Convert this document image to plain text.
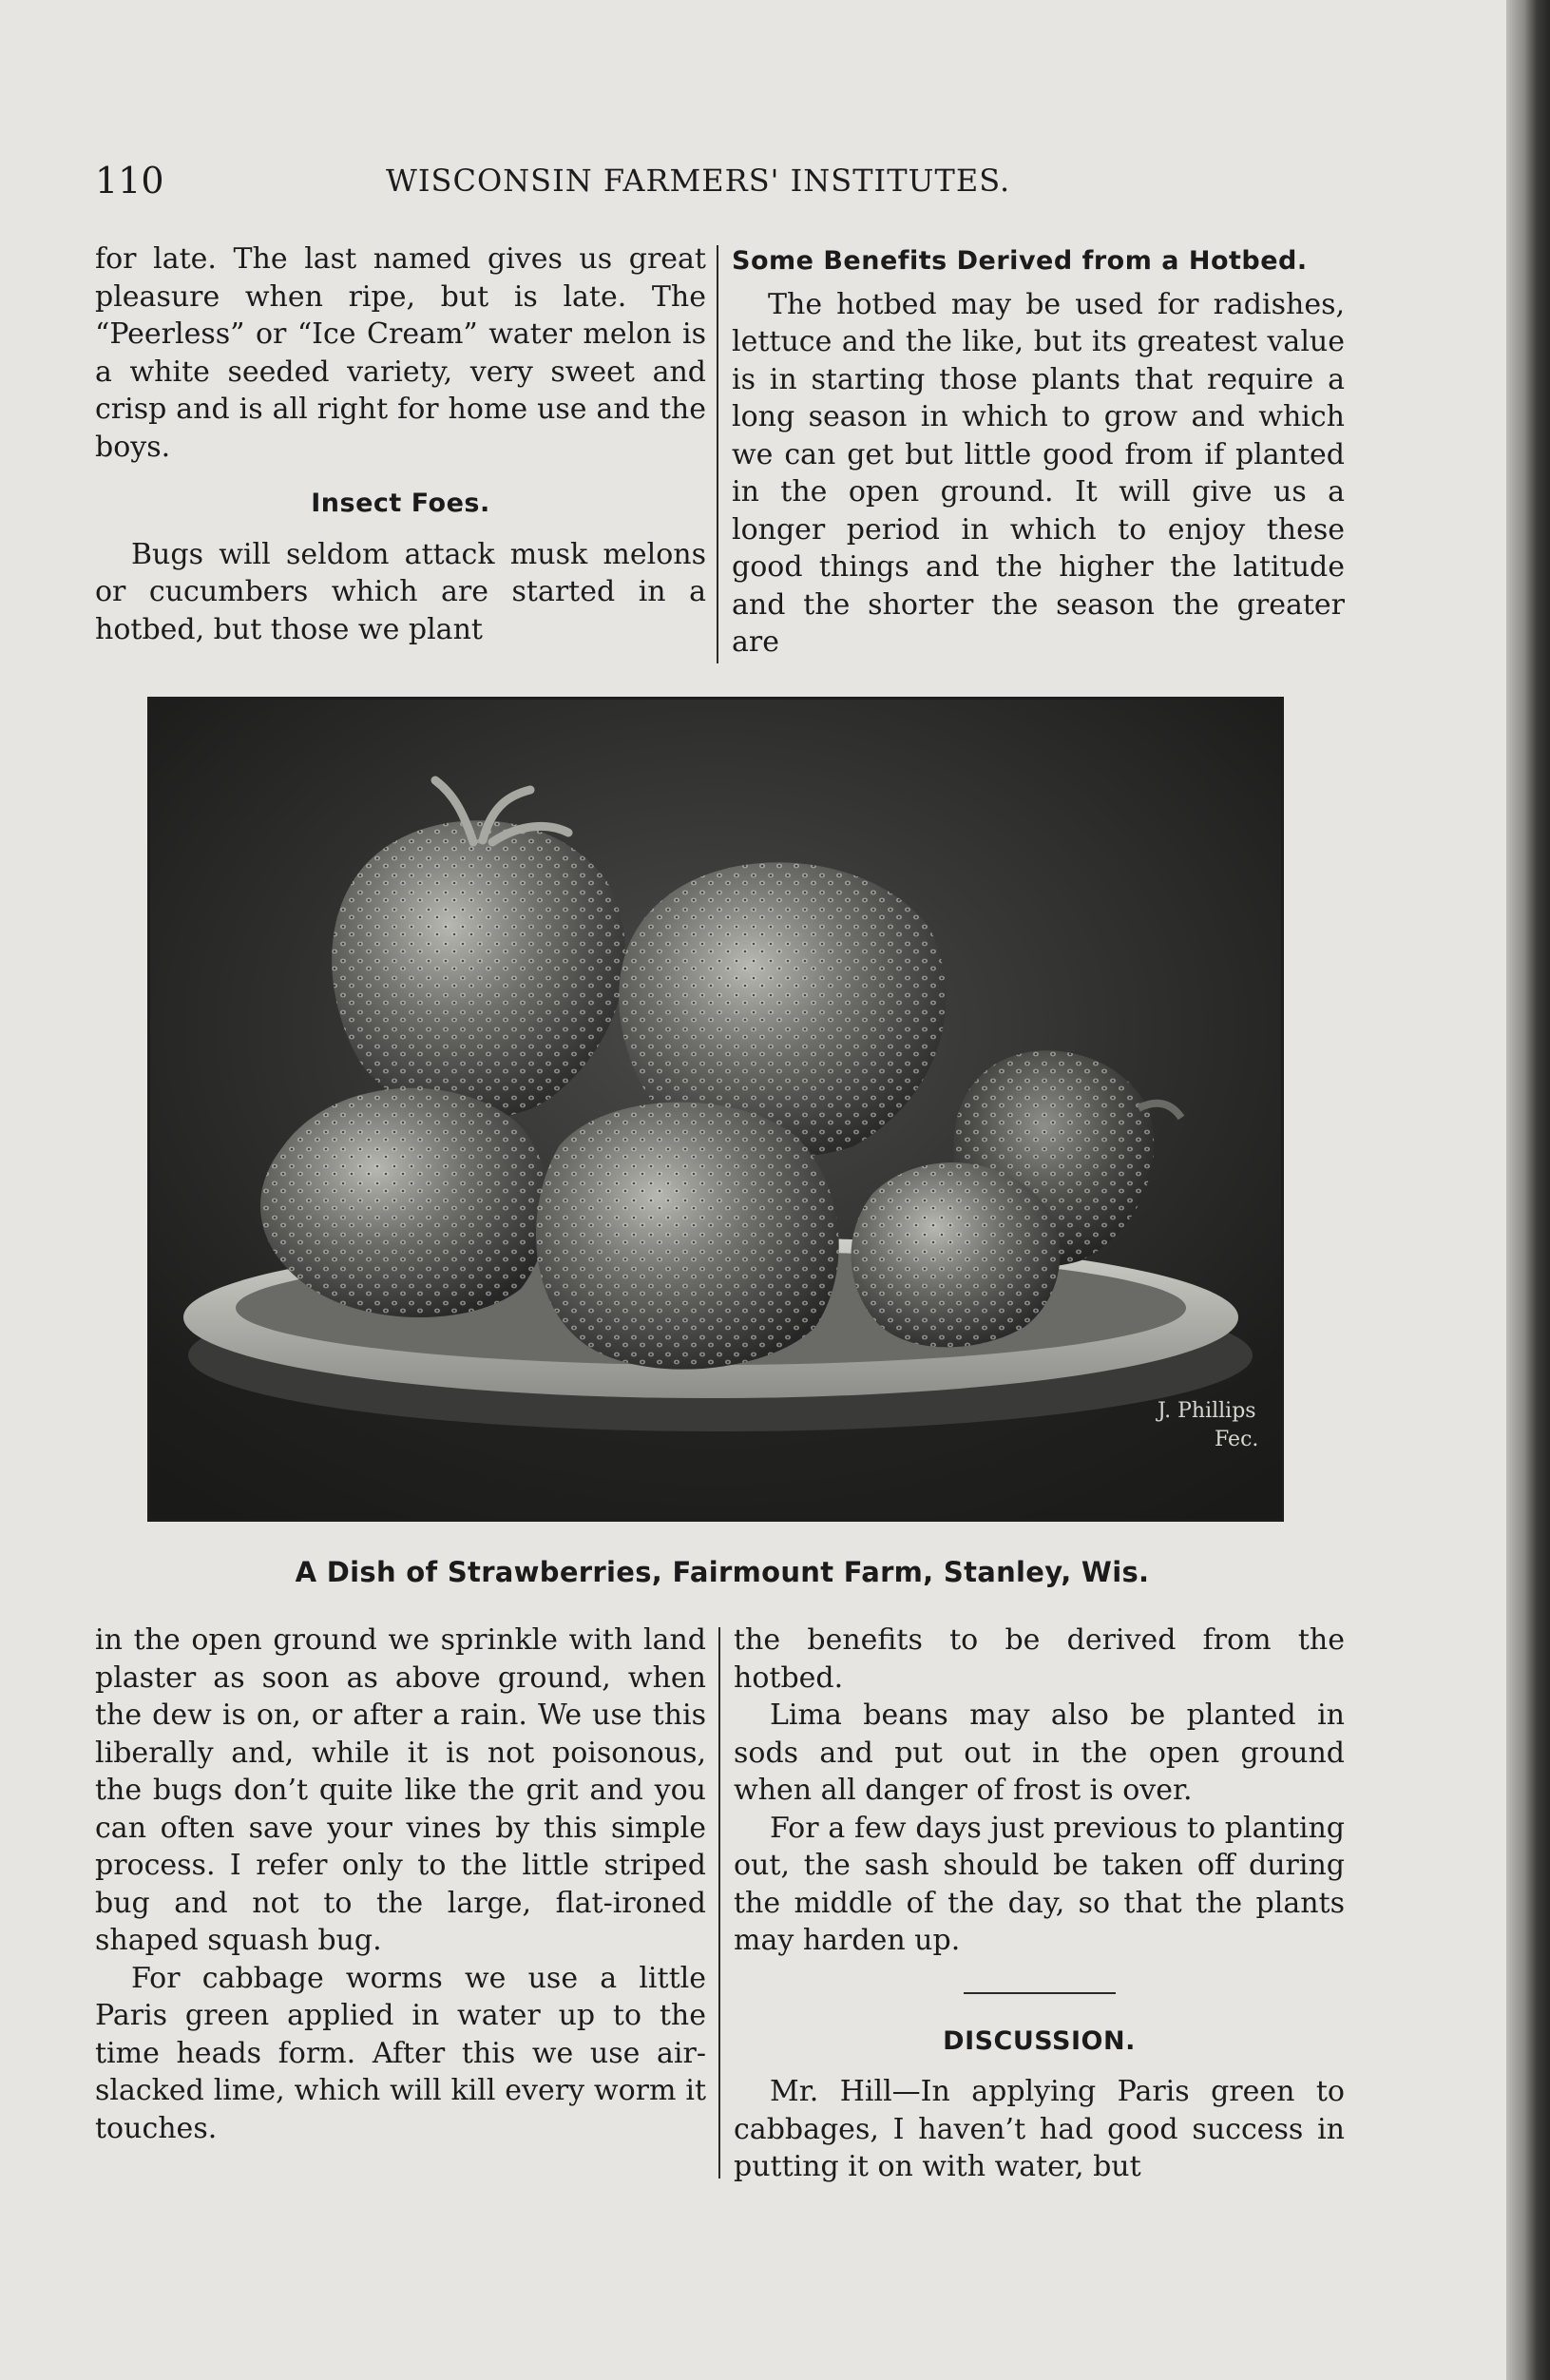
110	WISCONSIN FARMERS' INSTITUTES.

for late. The last named gives us great pleasure when ripe, but is late. The “Peerless” or “Ice Cream” water melon is a white seeded variety, very sweet and crisp and is all right for home use and the boys.

Insect Foes.

Bugs will seldom attack musk melons or cucumbers which are started in a hotbed, but those we plant

Some Benefits Derived from a Hotbed.

The hotbed may be used for radishes, lettuce and the like, but its greatest value is in starting those plants that require a long season in which to grow and which we can get but little good from if planted in the open ground. It will give us a longer period in which to enjoy these good things and the higher the latitude and the shorter the season the greater are

J. Phillips
Fec.
A Dish of Strawberries, Fairmount Farm, Stanley, Wis.

in the open ground we sprinkle with land plaster as soon as above ground, when the dew is on, or after a rain. We use this liberally and, while it is not poisonous, the bugs don’t quite like the grit and you can often save your vines by this simple process. I refer only to the little striped bug and not to the large, flat-ironed shaped squash bug.

For cabbage worms we use a little Paris green applied in water up to the time heads form. After this we use air-slacked lime, which will kill every worm it touches.

the benefits to be derived from the hotbed.

Lima beans may also be planted in sods and put out in the open ground when all danger of frost is over.

For a few days just previous to planting out, the sash should be taken off during the middle of the day, so that the plants may harden up.

DISCUSSION.

Mr. Hill—In applying Paris green to cabbages, I haven’t had good success in putting it on with water, but
